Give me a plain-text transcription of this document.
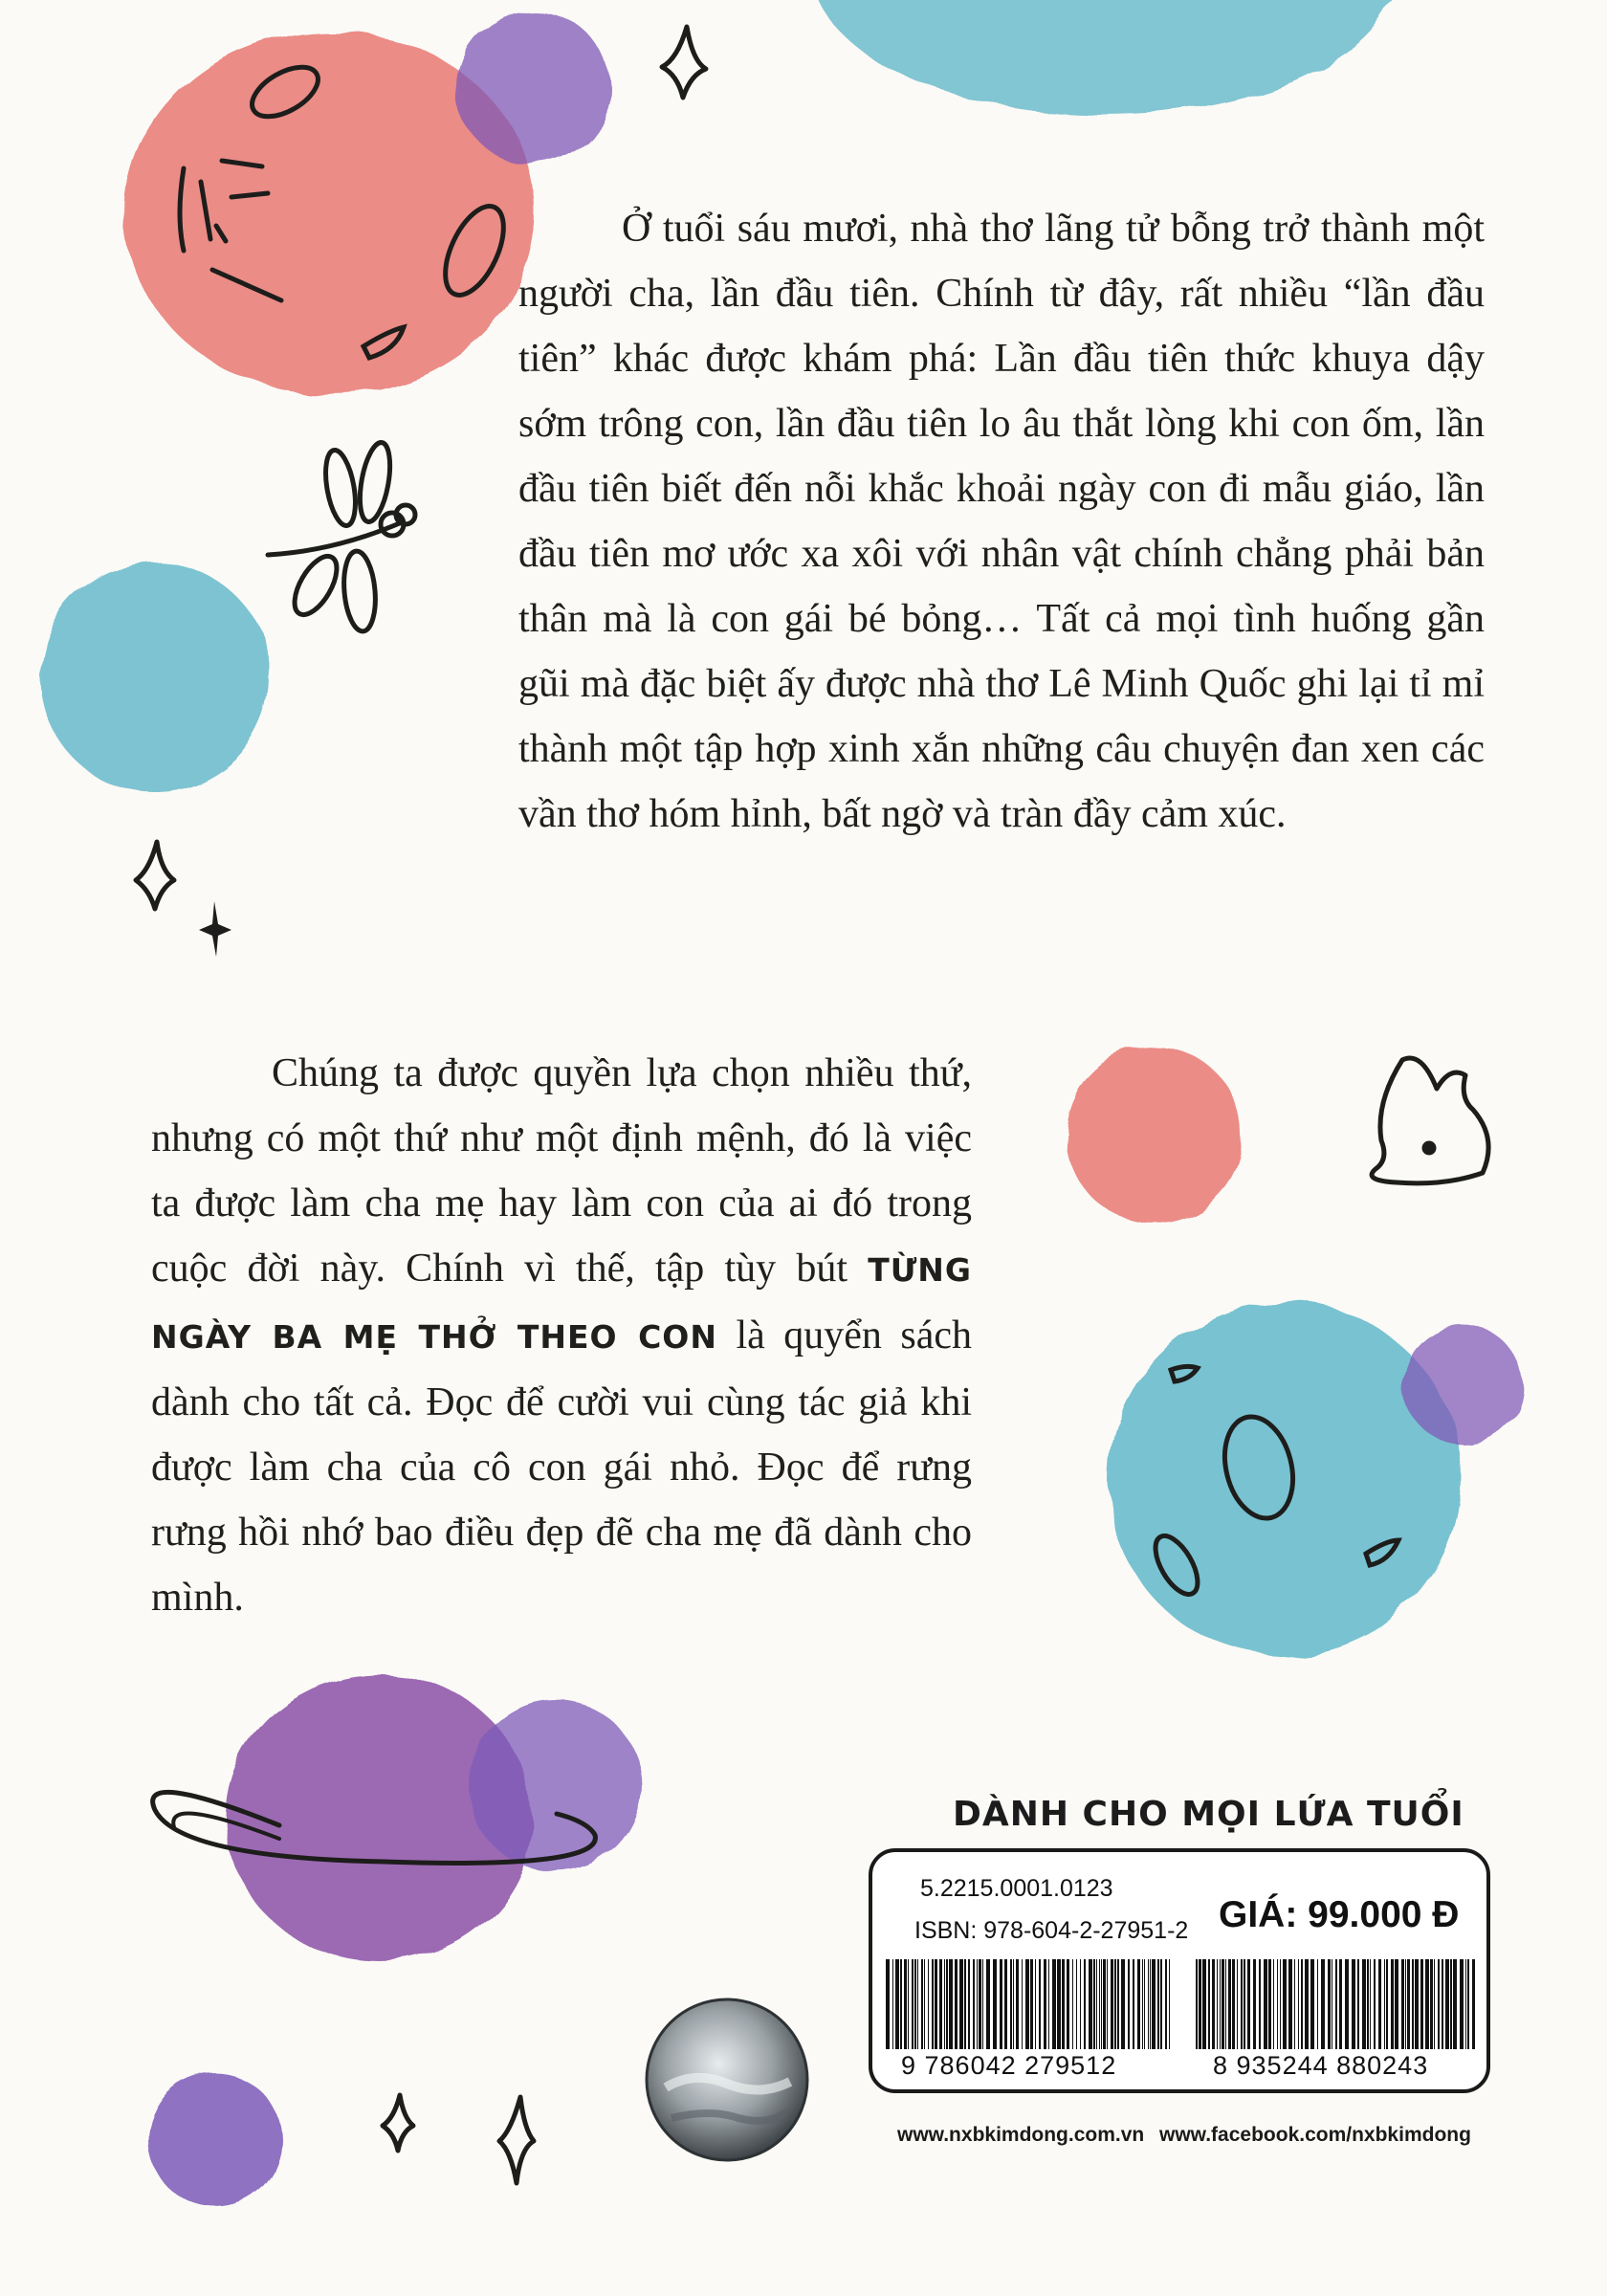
Ở tuổi sáu mươi, nhà thơ lãng tử bỗng trở thành một người cha, lần đầu tiên. Chính từ đây, rất nhiều “lần đầu tiên” khác được khám phá: Lần đầu tiên thức khuya dậy sớm trông con, lần đầu tiên lo âu thắt lòng khi con ốm, lần đầu tiên biết đến nỗi khắc khoải ngày con đi mẫu giáo, lần đầu tiên mơ ước xa xôi với nhân vật chính chẳng phải bản thân mà là con gái bé bỏng… Tất cả mọi tình huống gần gũi mà đặc biệt ấy được nhà thơ Lê Minh Quốc ghi lại tỉ mỉ thành một tập hợp xinh xắn những câu chuyện đan xen các vần thơ hóm hỉnh, bất ngờ và tràn đầy cảm xúc.

Chúng ta được quyền lựa chọn nhiều thứ, nhưng có một thứ như một định mệnh, đó là việc ta được làm cha mẹ hay làm con của ai đó trong cuộc đời này. Chính vì thế, tập tùy bút TỪNG NGÀY BA MẸ THỞ THEO CON là quyển sách dành cho tất cả. Đọc để cười vui cùng tác giả khi được làm cha của cô con gái nhỏ. Đọc để rưng rưng hồi nhớ bao điều đẹp đẽ cha mẹ đã dành cho mình.

DÀNH CHO MỌI LỨA TUỔI
5.2215.0001.0123
ISBN: 978-604-2-27951-2 GIÁ: 99.000 Đ
9 786042 279512	8 935244 880243
www.nxbkimdong.com.vn www.facebook.com/nxbkimdong
